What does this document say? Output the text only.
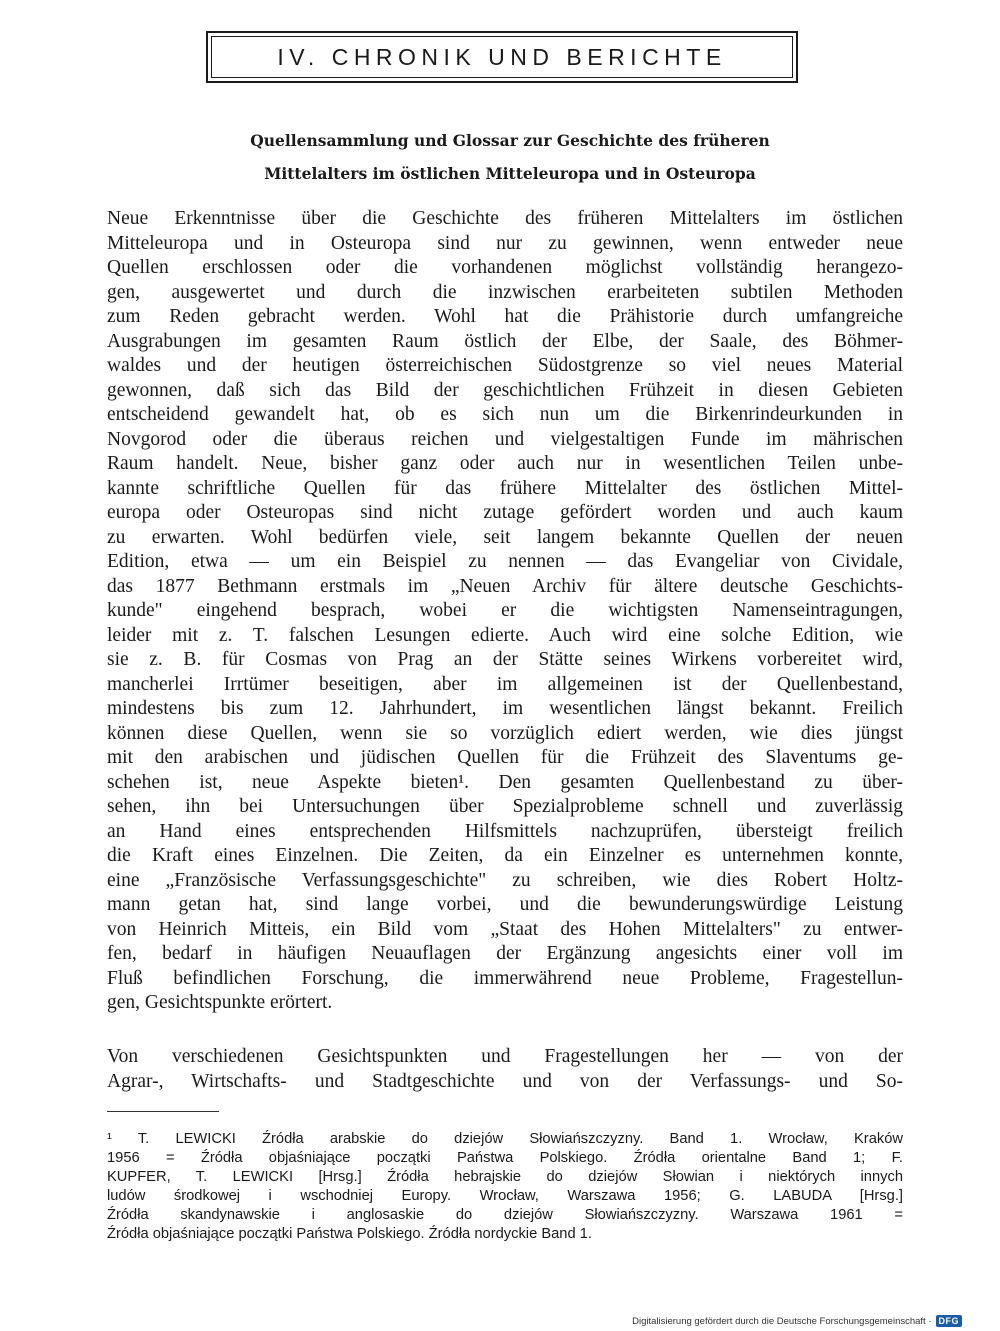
IV. CHRONIK UND BERICHTE
Quellensammlung und Glossar zur Geschichte des früheren
Mittelalters im östlichen Mitteleuropa und in Osteuropa
Neue Erkenntnisse über die Geschichte des früheren Mittelalters im östlichen
Mitteleuropa und in Osteuropa sind nur zu gewinnen, wenn entweder neue
Quellen erschlossen oder die vorhandenen möglichst vollständig herangezo-
gen, ausgewertet und durch die inzwischen erarbeiteten subtilen Methoden
zum Reden gebracht werden. Wohl hat die Prähistorie durch umfangreiche
Ausgrabungen im gesamten Raum östlich der Elbe, der Saale, des Böhmer-
waldes und der heutigen österreichischen Südostgrenze so viel neues Material
gewonnen, daß sich das Bild der geschichtlichen Frühzeit in diesen Gebieten
entscheidend gewandelt hat, ob es sich nun um die Birkenrindeurkunden in
Novgorod oder die überaus reichen und vielgestaltigen Funde im mährischen
Raum handelt. Neue, bisher ganz oder auch nur in wesentlichen Teilen unbe-
kannte schriftliche Quellen für das frühere Mittelalter des östlichen Mittel-
europa oder Osteuropas sind nicht zutage gefördert worden und auch kaum
zu erwarten. Wohl bedürfen viele, seit langem bekannte Quellen der neuen
Edition, etwa — um ein Beispiel zu nennen — das Evangeliar von Cividale,
das 1877 Bethmann erstmals im „Neuen Archiv für ältere deutsche Geschichts-
kunde" eingehend besprach, wobei er die wichtigsten Namenseintragungen,
leider mit z. T. falschen Lesungen edierte. Auch wird eine solche Edition, wie
sie z. B. für Cosmas von Prag an der Stätte seines Wirkens vorbereitet wird,
mancherlei Irrtümer beseitigen, aber im allgemeinen ist der Quellenbestand,
mindestens bis zum 12. Jahrhundert, im wesentlichen längst bekannt. Freilich
können diese Quellen, wenn sie so vorzüglich ediert werden, wie dies jüngst
mit den arabischen und jüdischen Quellen für die Frühzeit des Slaventums ge-
schehen ist, neue Aspekte bieten¹. Den gesamten Quellenbestand zu über-
sehen, ihn bei Untersuchungen über Spezialprobleme schnell und zuverlässig
an Hand eines entsprechenden Hilfsmittels nachzuprüfen, übersteigt freilich
die Kraft eines Einzelnen. Die Zeiten, da ein Einzelner es unternehmen konnte,
eine „Französische Verfassungsgeschichte" zu schreiben, wie dies Robert Holtz-
mann getan hat, sind lange vorbei, und die bewunderungswürdige Leistung
von Heinrich Mitteis, ein Bild vom „Staat des Hohen Mittelalters" zu entwer-
fen, bedarf in häufigen Neuauflagen der Ergänzung angesichts einer voll im
Fluß befindlichen Forschung, die immerwährend neue Probleme, Fragestellun-
gen, Gesichtspunkte erörtert.
Von verschiedenen Gesichtspunkten und Fragestellungen her — von der
Agrar-, Wirtschafts- und Stadtgeschichte und von der Verfassungs- und So-
¹ T. LEWICKI Źródła arabskie do dziejów Słowiańszczyzny. Band 1. Wrocław, Kraków
1956 = Źródła objaśniające początki Państwa Polskiego. Źródła orientalne Band 1; F.
KUPFER, T. LEWICKI [Hrsg.] Źródła hebrajskie do dziejów Słowian i niektórych innych
ludów środkowej i wschodniej Europy. Wrocław, Warszawa 1956; G. LABUDA [Hrsg.]
Źródła skandynawskie i anglosaskie do dziejów Słowiańszczyzny. Warszawa 1961 =
Źródła objaśniające początki Państwa Polskiego. Źródła nordyckie Band 1.
Digitalisierung gefördert durch die Deutsche Forschungsgemeinschaft · DFG
